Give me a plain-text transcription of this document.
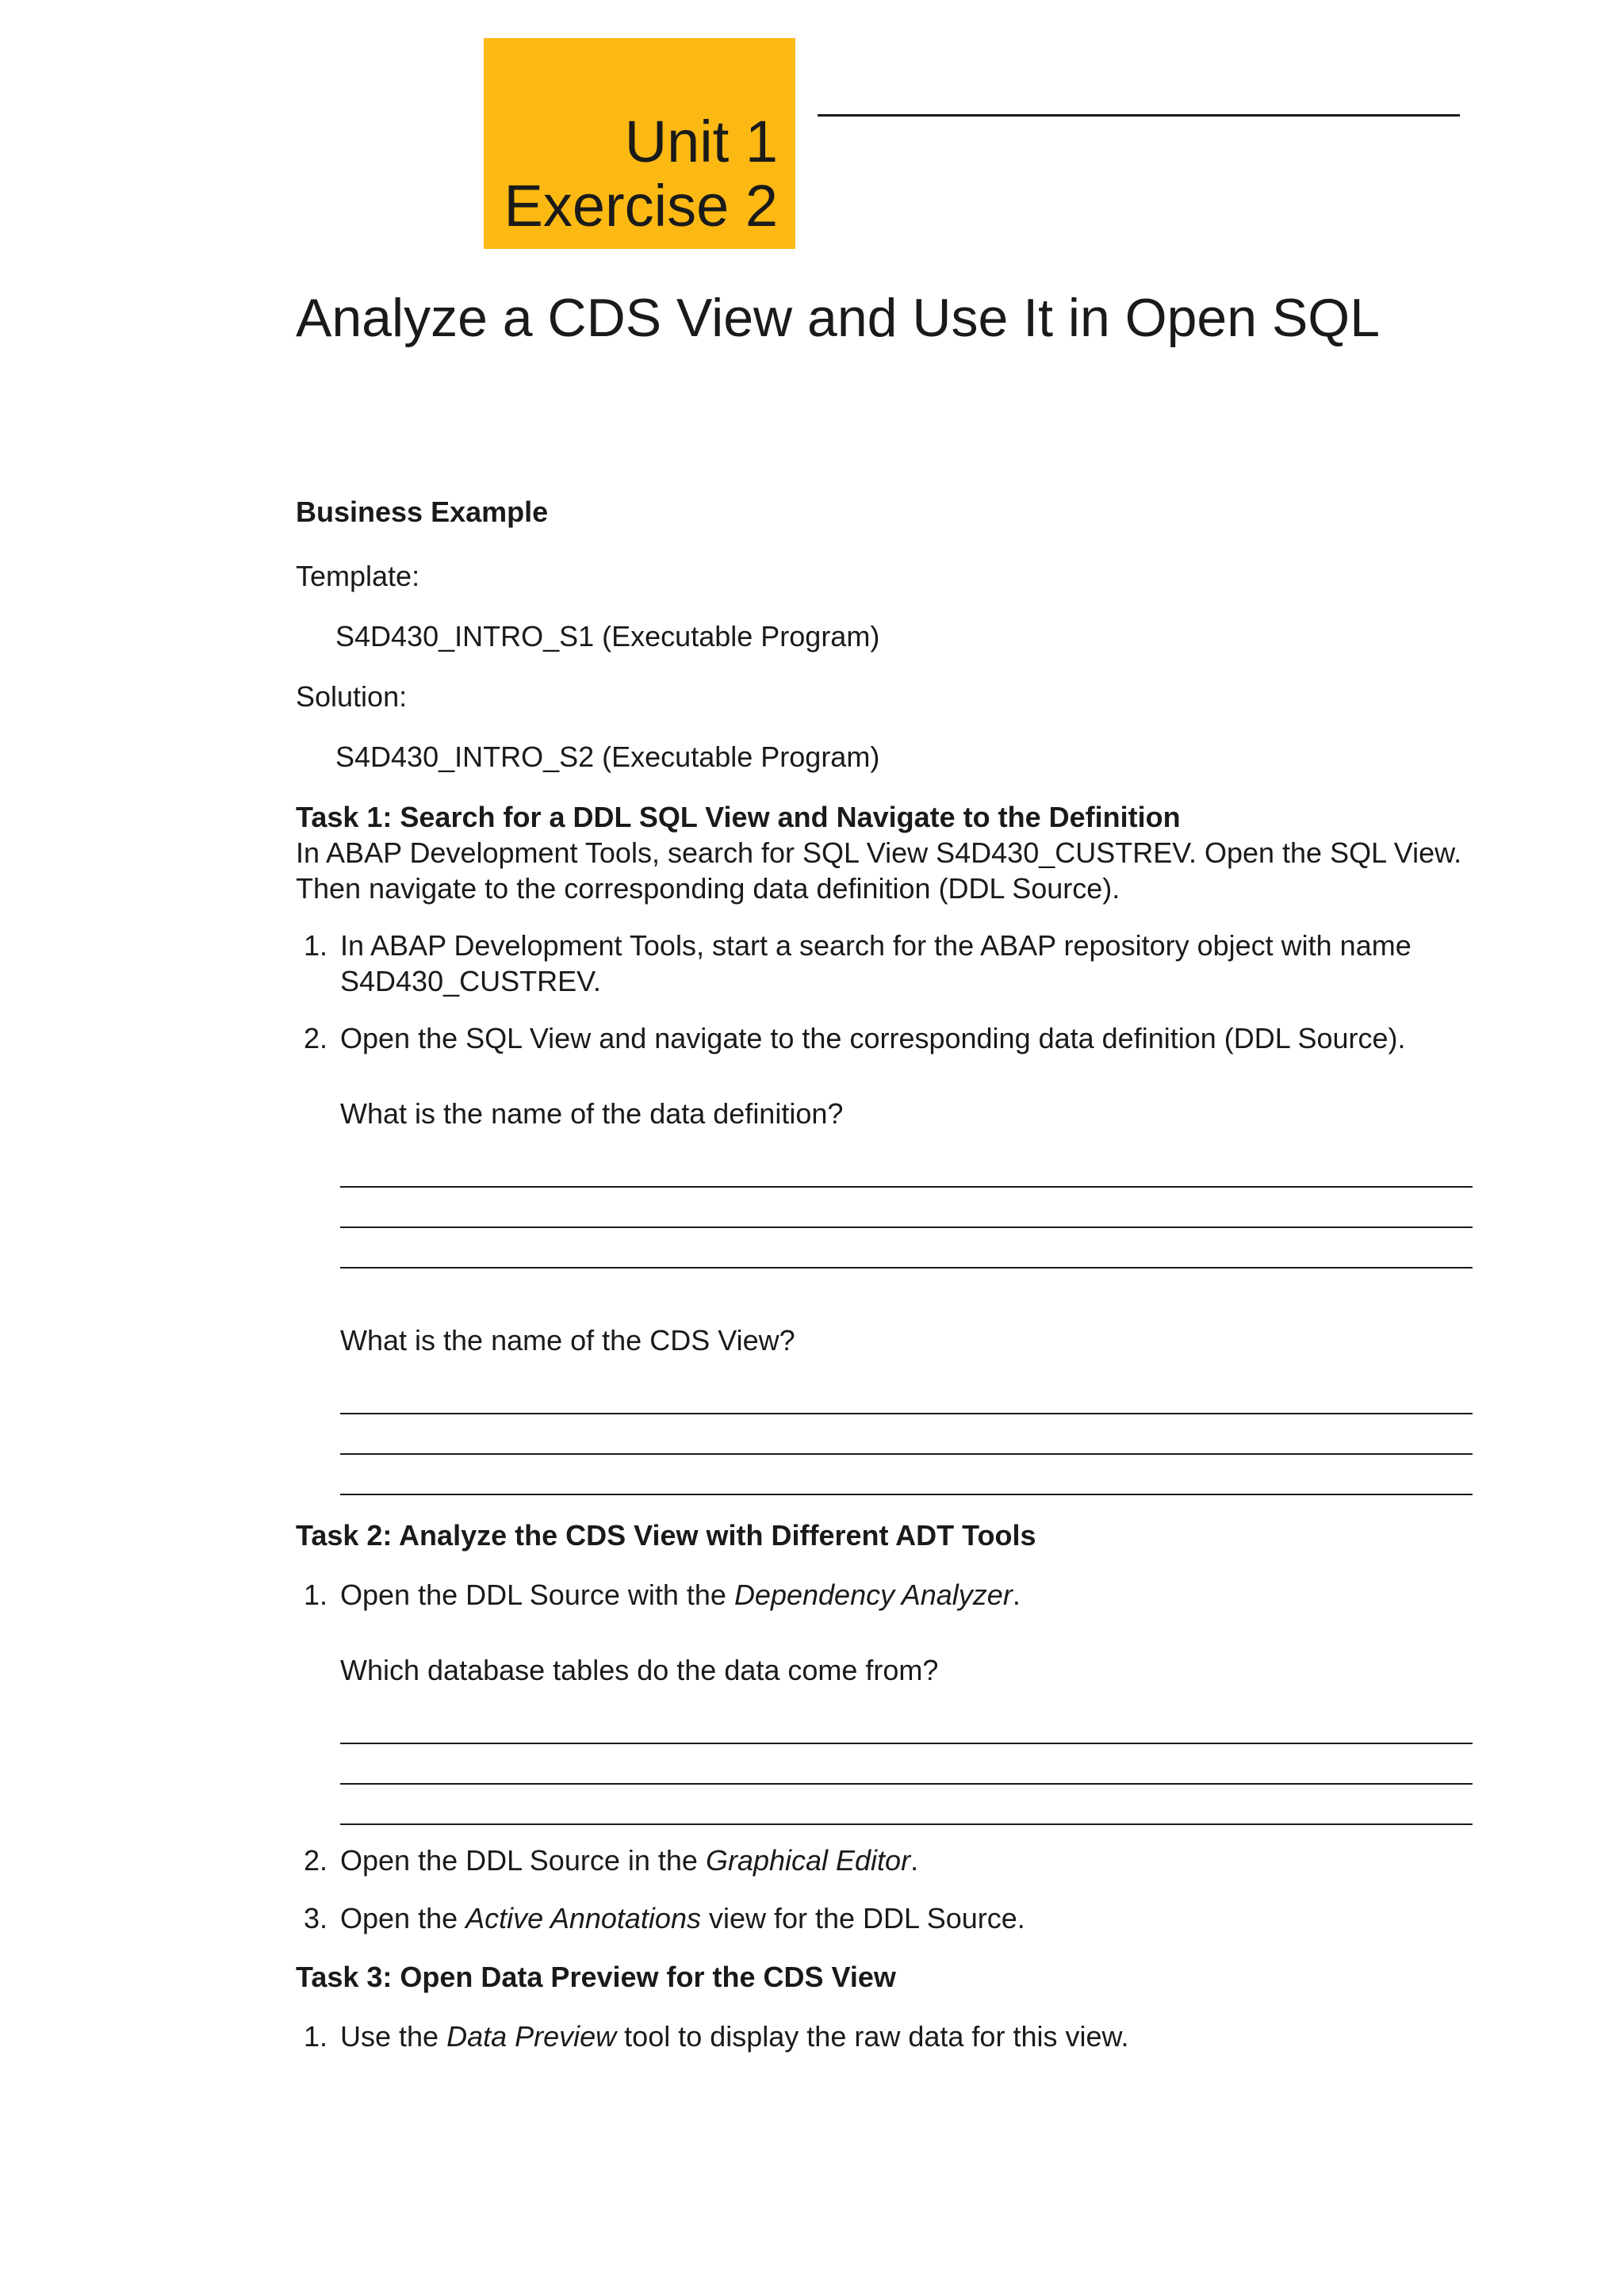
Unit 1
Exercise 2
Analyze a CDS View and Use It in Open SQL

Business Example

Template:

S4D430_INTRO_S1 (Executable Program)

Solution:

S4D430_INTRO_S2 (Executable Program)

Task 1: Search for a DDL SQL View and Navigate to the Definition

In ABAP Development Tools, search for SQL View S4D430_CUSTREV. Open the SQL View.

Then navigate to the corresponding data definition (DDL Source).

1. In ABAP Development Tools, start a search for the ABAP repository object with name
S4D430_CUSTREV.
2. Open the SQL View and navigate to the corresponding data definition (DDL Source).

What is the name of the data definition?

What is the name of the CDS View?

Task 2: Analyze the CDS View with Different ADT Tools

1. Open the DDL Source with the Dependency Analyzer.

Which database tables do the data come from?

2. Open the DDL Source in the Graphical Editor.
3. Open the Active Annotations view for the DDL Source.

Task 3: Open Data Preview for the CDS View

1. Use the Data Preview tool to display the raw data for this view.
